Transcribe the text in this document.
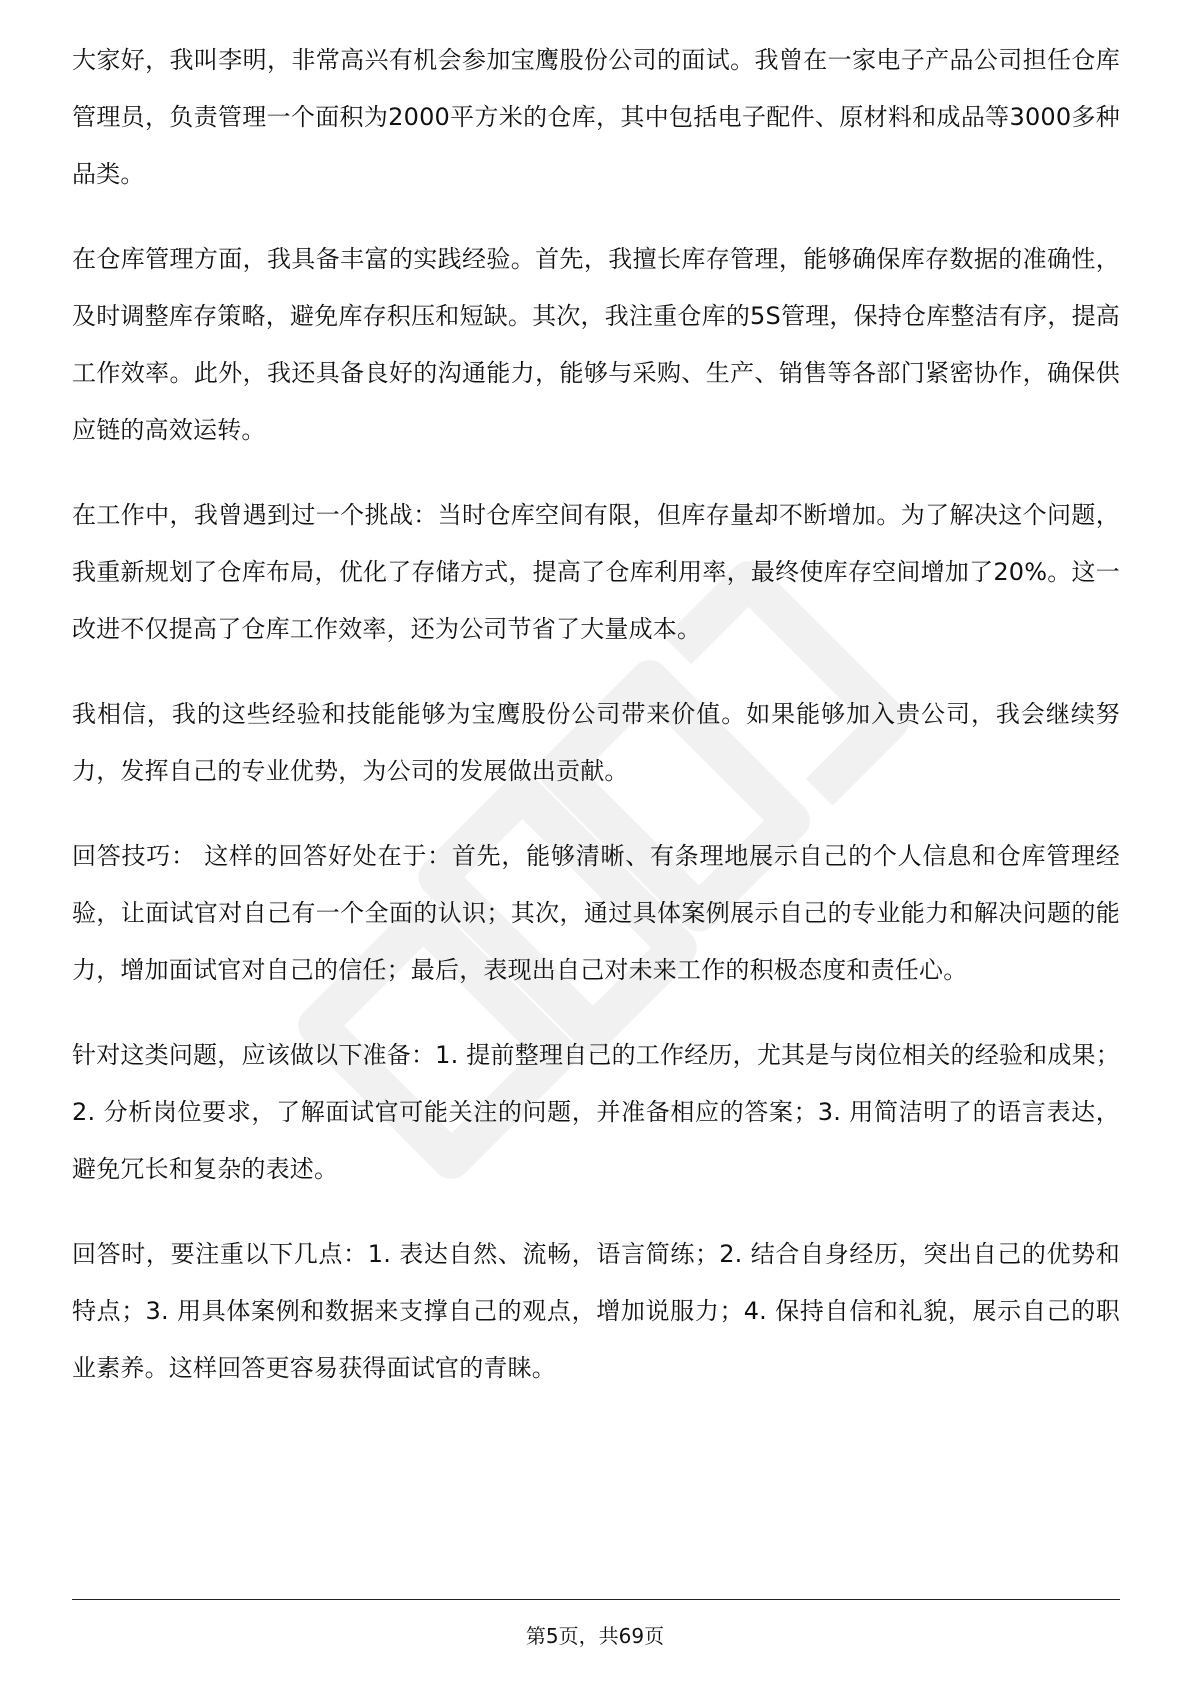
大家好，我叫李明，非常高兴有机会参加宝鹰股份公司的面试。我曾在一家电子产品公司担任仓库管理员，负责管理一个面积为2000平方米的仓库，其中包括电子配件、原材料和成品等3000多种品类。

在仓库管理方面，我具备丰富的实践经验。首先，我擅长库存管理，能够确保库存数据的准确性，及时调整库存策略，避免库存积压和短缺。其次，我注重仓库的5S管理，保持仓库整洁有序，提高工作效率。此外，我还具备良好的沟通能力，能够与采购、生产、销售等各部门紧密协作，确保供应链的高效运转。

在工作中，我曾遇到过一个挑战：当时仓库空间有限，但库存量却不断增加。为了解决这个问题，我重新规划了仓库布局，优化了存储方式，提高了仓库利用率，最终使库存空间增加了20%。这一改进不仅提高了仓库工作效率，还为公司节省了大量成本。

我相信，我的这些经验和技能能够为宝鹰股份公司带来价值。如果能够加入贵公司，我会继续努力，发挥自己的专业优势，为公司的发展做出贡献。

回答技巧： 这样的回答好处在于：首先，能够清晰、有条理地展示自己的个人信息和仓库管理经验，让面试官对自己有一个全面的认识；其次，通过具体案例展示自己的专业能力和解决问题的能力，增加面试官对自己的信任；最后，表现出自己对未来工作的积极态度和责任心。

针对这类问题，应该做以下准备：1. 提前整理自己的工作经历，尤其是与岗位相关的经验和成果；2. 分析岗位要求，了解面试官可能关注的问题，并准备相应的答案；3. 用简洁明了的语言表达，避免冗长和复杂的表述。

回答时，要注重以下几点：1. 表达自然、流畅，语言简练；2. 结合自身经历，突出自己的优势和特点；3. 用具体案例和数据来支撑自己的观点，增加说服力；4. 保持自信和礼貌，展示自己的职业素养。这样回答更容易获得面试官的青睐。

第5页，共69页
